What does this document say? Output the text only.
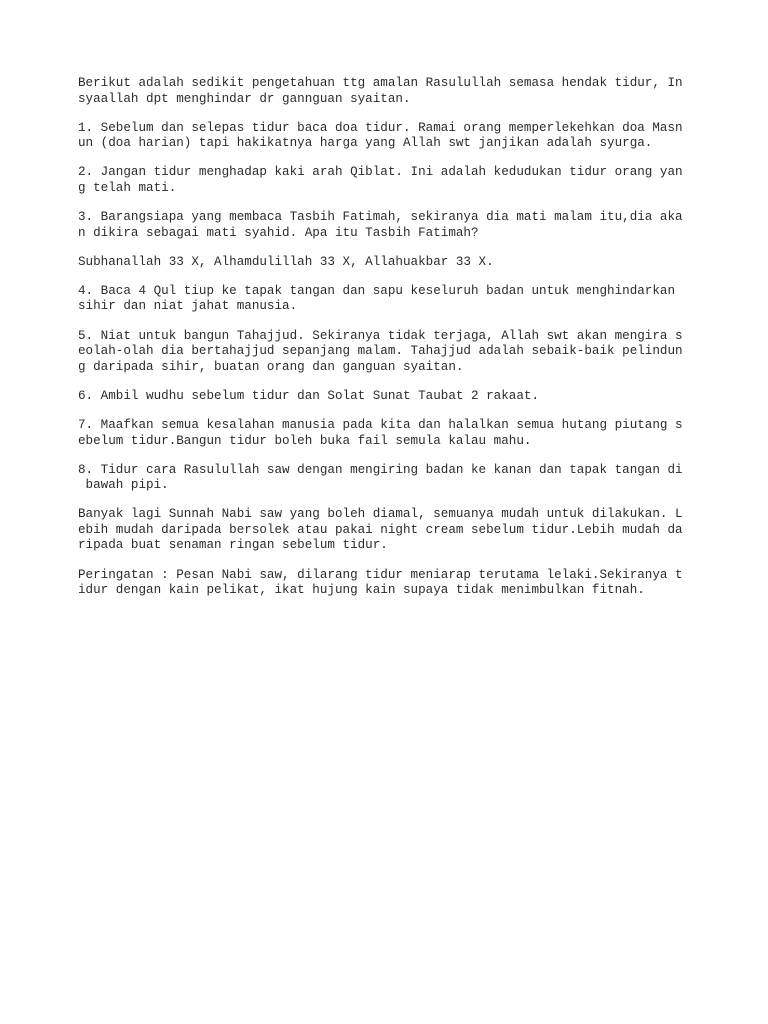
Berikut adalah sedikit pengetahuan ttg amalan Rasulullah semasa hendak tidur, In
syaallah dpt menghindar dr gannguan syaitan.
1. Sebelum dan selepas tidur baca doa tidur. Ramai orang memperlekehkan doa Masn
un (doa harian) tapi hakikatnya harga yang Allah swt janjikan adalah syurga.
2. Jangan tidur menghadap kaki arah Qiblat. Ini adalah kedudukan tidur orang yan
g telah mati.
3. Barangsiapa yang membaca Tasbih Fatimah, sekiranya dia mati malam itu,dia aka
n dikira sebagai mati syahid. Apa itu Tasbih Fatimah?
Subhanallah 33 X, Alhamdulillah 33 X, Allahuakbar 33 X.
4. Baca 4 Qul tiup ke tapak tangan dan sapu keseluruh badan untuk menghindarkan
sihir dan niat jahat manusia.
5. Niat untuk bangun Tahajjud. Sekiranya tidak terjaga, Allah swt akan mengira s
eolah-olah dia bertahajjud sepanjang malam. Tahajjud adalah sebaik-baik pelindun
g daripada sihir, buatan orang dan ganguan syaitan.
6. Ambil wudhu sebelum tidur dan Solat Sunat Taubat 2 rakaat.
7. Maafkan semua kesalahan manusia pada kita dan halalkan semua hutang piutang s
ebelum tidur.Bangun tidur boleh buka fail semula kalau mahu.
8. Tidur cara Rasulullah saw dengan mengiring badan ke kanan dan tapak tangan di
bawah pipi.
Banyak lagi Sunnah Nabi saw yang boleh diamal, semuanya mudah untuk dilakukan. L
ebih mudah daripada bersolek atau pakai night cream sebelum tidur.Lebih mudah da
ripada buat senaman ringan sebelum tidur.
Peringatan : Pesan Nabi saw, dilarang tidur meniarap terutama lelaki.Sekiranya t
idur dengan kain pelikat, ikat hujung kain supaya tidak menimbulkan fitnah.
